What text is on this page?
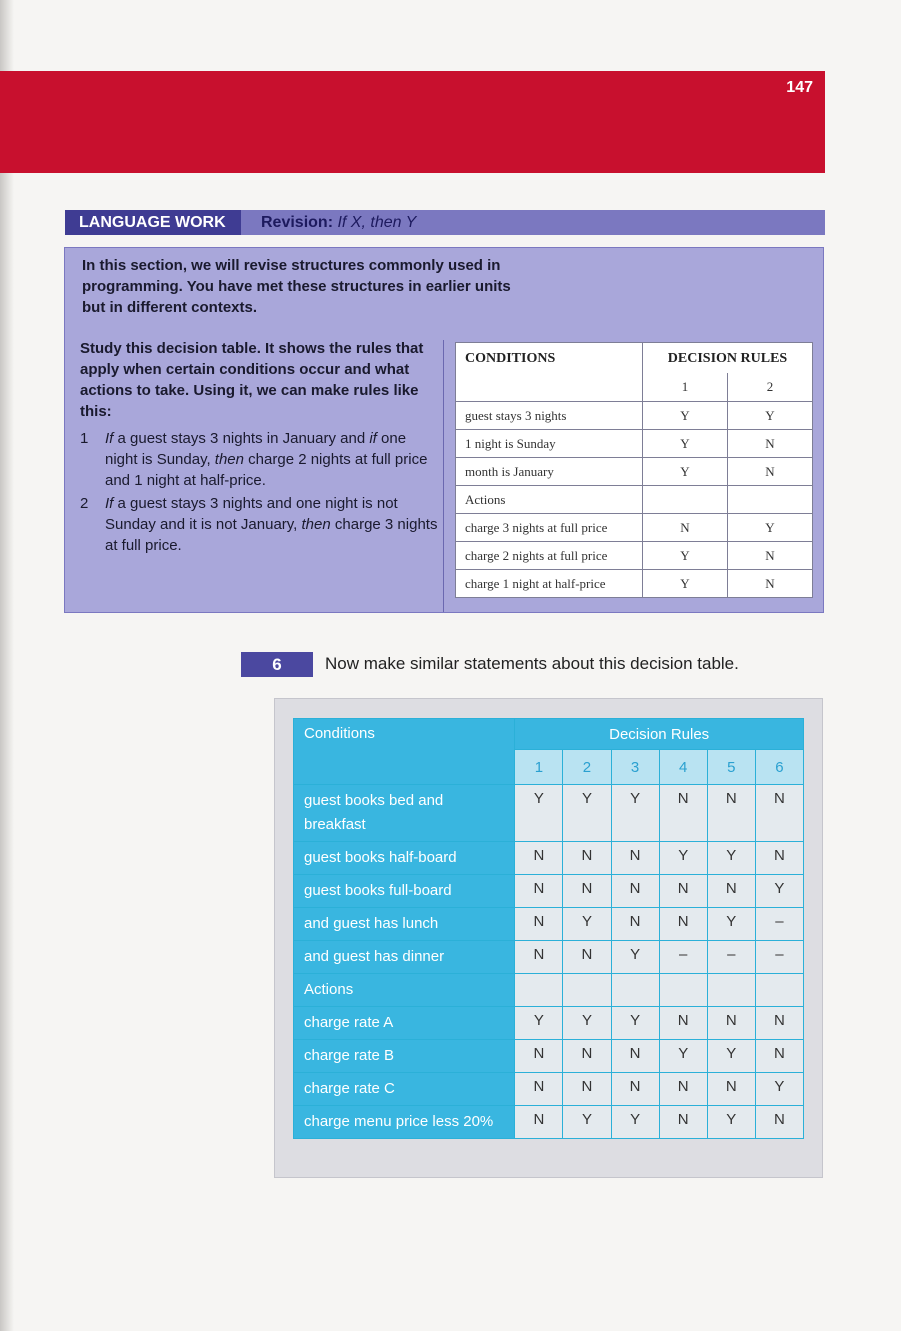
147
LANGUAGE WORK	Revision: If X, then Y
In this section, we will revise structures commonly used in programming. You have met these structures in earlier units but in different contexts.
Study this decision table. It shows the rules that apply when certain conditions occur and what actions to take. Using it, we can make rules like this:
1	If a guest stays 3 nights in January and if one night is Sunday, then charge 2 nights at full price and 1 night at half-price.
2	If a guest stays 3 nights and one night is not Sunday and it is not January, then charge 3 nights at full price.
CONDITIONS	DECISION RULES	
	1	2
guest stays 3 nights	Y	Y
1 night is Sunday	Y	N
month is January	Y	N
Actions		
charge 3 nights at full price	N	Y
charge 2 nights at full price	Y	N
charge 1 night at half-price	Y	N
6	Now make similar statements about this decision table.
Conditions	Decision Rules					
	1	2	3	4	5	6
guest books bed and breakfast	Y	Y	Y	N	N	N
guest books half-board	N	N	N	Y	Y	N
guest books full-board	N	N	N	N	N	Y
and guest has lunch	N	Y	N	N	Y	–
and guest has dinner	N	N	Y	–	–	–
Actions						
charge rate A	Y	Y	Y	N	N	N
charge rate B	N	N	N	Y	Y	N
charge rate C	N	N	N	N	N	Y
charge menu price less 20%	N	Y	Y	N	Y	N
